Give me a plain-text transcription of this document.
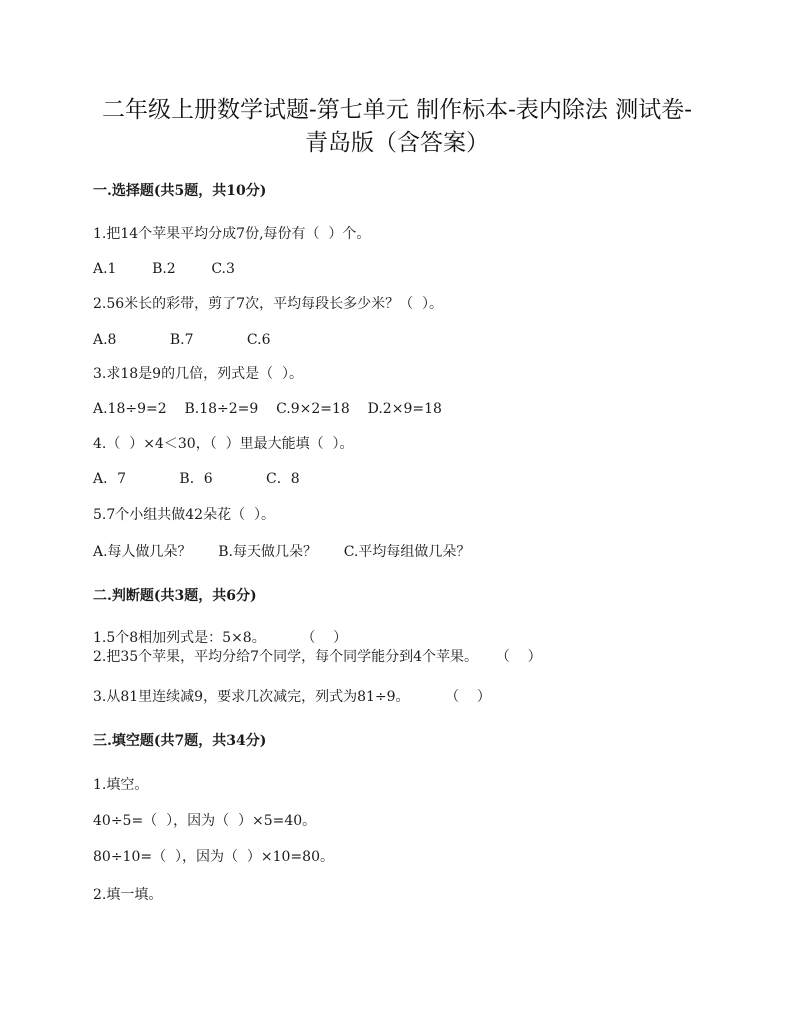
二年级上册数学试题-第七单元 制作标本-表内除法 测试卷-
青岛版（含答案）
一.选择题(共5题，共10分)
1.把14个苹果平均分成7份,每份有（  ）个。
A.1        B.2        C.3
2.56米长的彩带，剪了7次，平均每段长多少米？（  ）。
A.8            B.7            C.6
3.求18是9的几倍，列式是（  ）。
A.18÷9=2    B.18÷2=9    C.9×2=18    D.2×9=18
4.（  ）×4＜30，（  ）里最大能填（  ）。
A．7            B．6            C．8
5.7个小组共做42朵花（  ）。
A.每人做几朵？      B.每天做几朵？      C.平均每组做几朵？
二.判断题(共3题，共6分)
1.5个8相加列式是：5×8。        （    ）
2.把35个苹果，平均分给7个同学，每个同学能分到4个苹果。    （    ）
3.从81里连续减9，要求几次减完，列式为81÷9。        （    ）
三.填空题(共7题，共34分)
1.填空。
40÷5=（  ），因为（  ）×5=40。
80÷10=（  ），因为（  ）×10=80。
2.填一填。
